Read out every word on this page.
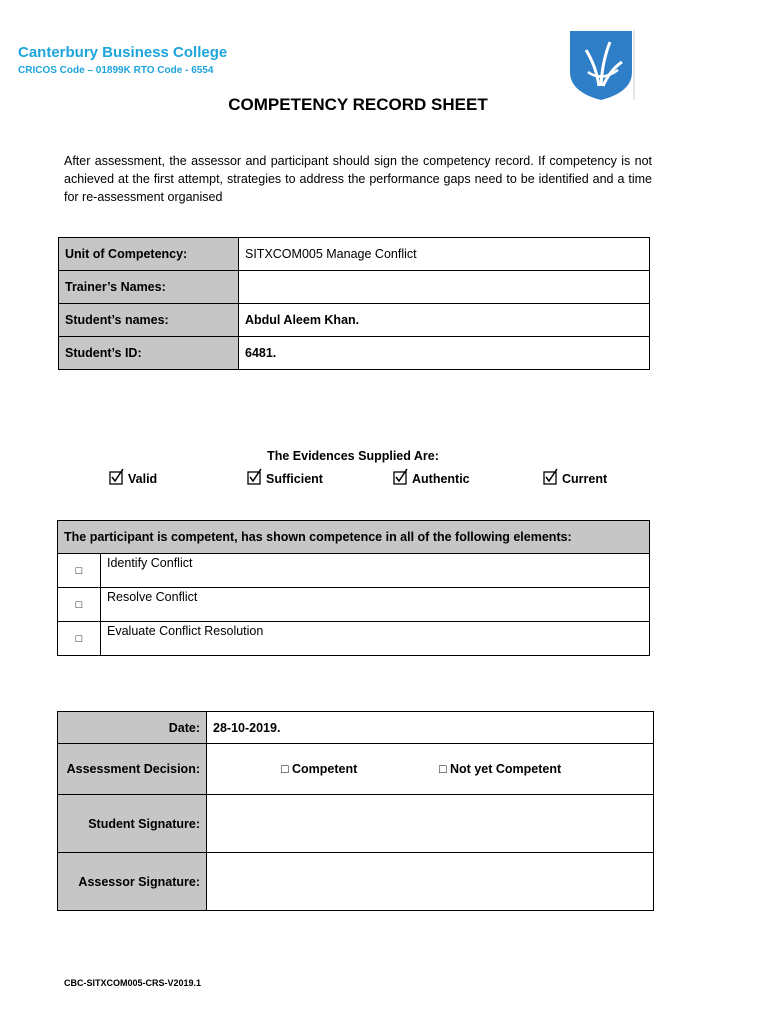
Canterbury Business College
CRICOS Code – 01899K RTO Code - 6554
COMPETENCY RECORD SHEET
After assessment, the assessor and participant should sign the competency record. If competency is not achieved at the first attempt, strategies to address the performance gaps need to be identified and a time for re-assessment organised
Unit of Competency:	SITXCOM005 Manage Conflict
Trainer’s Names:	
Student’s names:	Abdul Aleem Khan.
Student’s ID:	6481.
The Evidences Supplied Are:
Valid	Sufficient	Authentic	Current
The participant is competent, has shown competence in all of the following elements:	
□	Identify Conflict
□	Resolve Conflict
□	Evaluate Conflict Resolution
Date:	28-10-2019.
Assessment Decision:	□ Competent □ Not yet Competent

Student Signature:	
Assessor Signature:	
CBC-SITXCOM005-CRS-V2019.1
